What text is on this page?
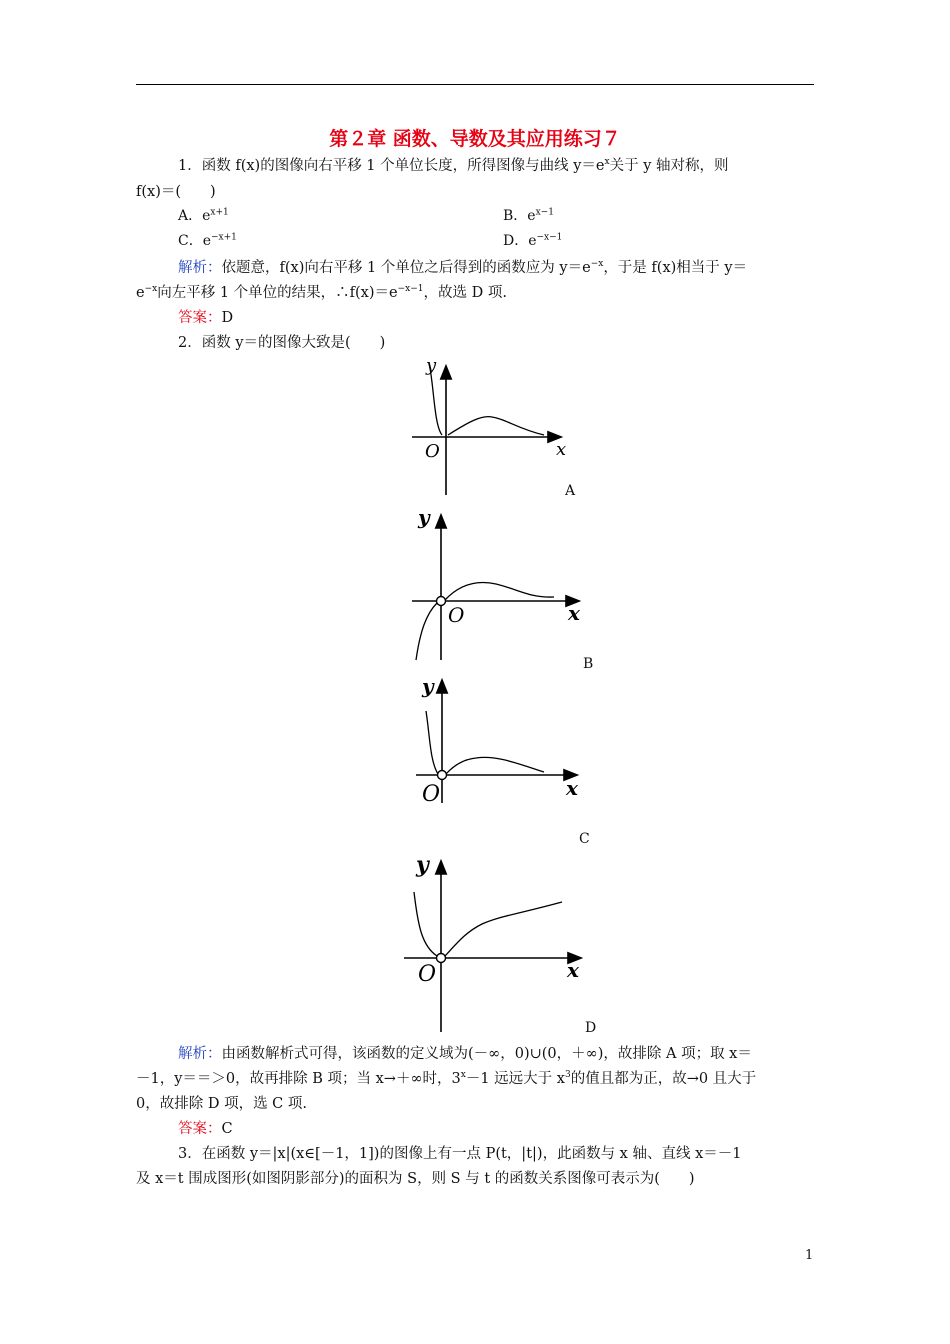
第２章 函数、导数及其应用练习７
1．函数 f(x)的图像向右平移 1 个单位长度，所得图像与曲线 $y=e^x$关于 y 轴对称，则
f(x)＝(　　)
A．$e^{x+1}$	B．$e^{x-1}$
C．$e^{-x+1}$	D．$e^{-x-1}$
解析：依题意，f(x)向右平移 1 个单位之后得到的函数应为 $y=e^{-x}$，于是 f(x)相当于 y＝
$e^{-x}$向左平移 1 个单位的结果，$\therefore f(x)=e^{-x-1}$，故选 D 项.
答案：D
2．函数 y＝的图像大致是(　　)
y
x
O
A
y
x
O
B
y
x
O
C
y
x
O
D
解析：由函数解析式可得，该函数的定义域为(－∞，0)∪(0，＋∞)，故排除 A 项；取 x＝
－1，y＝＝＞0，故再排除 B 项；当 x→＋∞时，$3^x-1$ 远远大于 $x^3$的值且都为正，故→0 且大于
0，故排除 D 项，选 C 项.
答案：C
3．在函数 y＝|x|(x∈[－1，1])的图像上有一点 P(t，|t|)，此函数与 x 轴、直线 x＝－1
及 x＝t 围成图形(如图阴影部分)的面积为 S，则 S 与 t 的函数关系图像可表示为(　　)
1
